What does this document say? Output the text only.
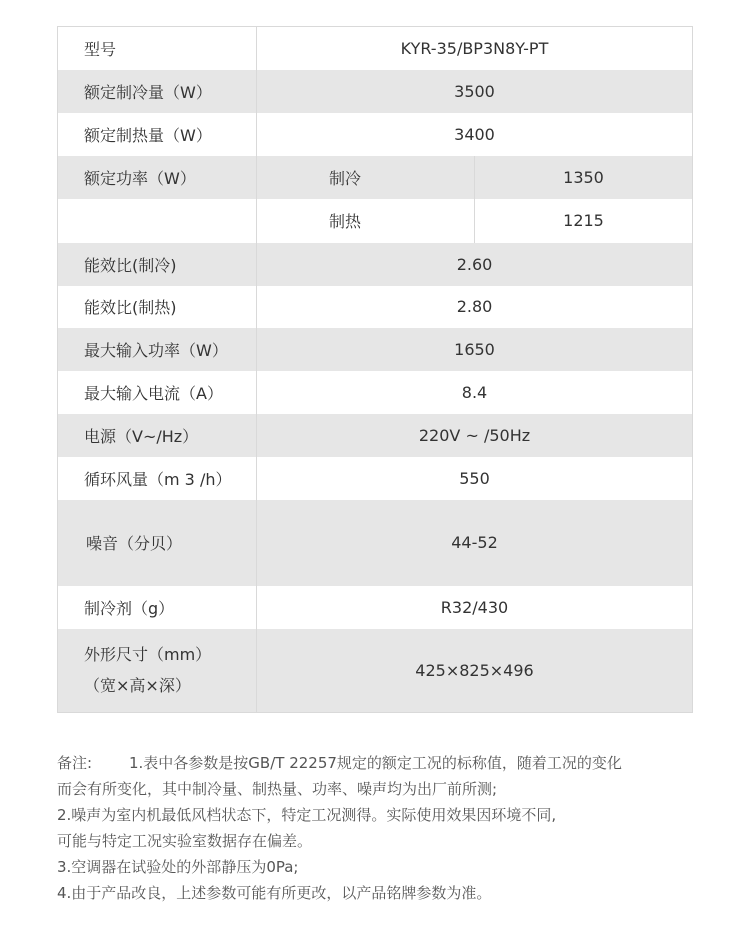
型号	KYR-35/BP3N8Y-PT	
额定制冷量（W）	3500	
额定制热量（W）	3400	
额定功率（W）	制冷	1350
	制热	1215
能效比(制冷)	2.60	
能效比(制热)	2.80	
最大输入功率（W）	1650	
最大输入电流（A）	8.4	
电源（V~/Hz）	220V ~ /50Hz	
循环风量（m 3 /h）	550	
噪音（分贝）	44-52	
制冷剂（g）	R32/430	

外形尺寸（mm）
（宽×高×深）	425×825×496	
备注: 1.表中各参数是按GB/T 22257规定的额定工况的标称值，随着工况的变化
而会有所变化，其中制冷量、制热量、功率、噪声均为出厂前所测;
2.噪声为室内机最低风档状态下，特定工况测得。实际使用效果因环境不同,
可能与特定工况实验室数据存在偏差。
3.空调器在试验处的外部静压为0Pa;
4.由于产品改良，上述参数可能有所更改，以产品铭牌参数为准。
